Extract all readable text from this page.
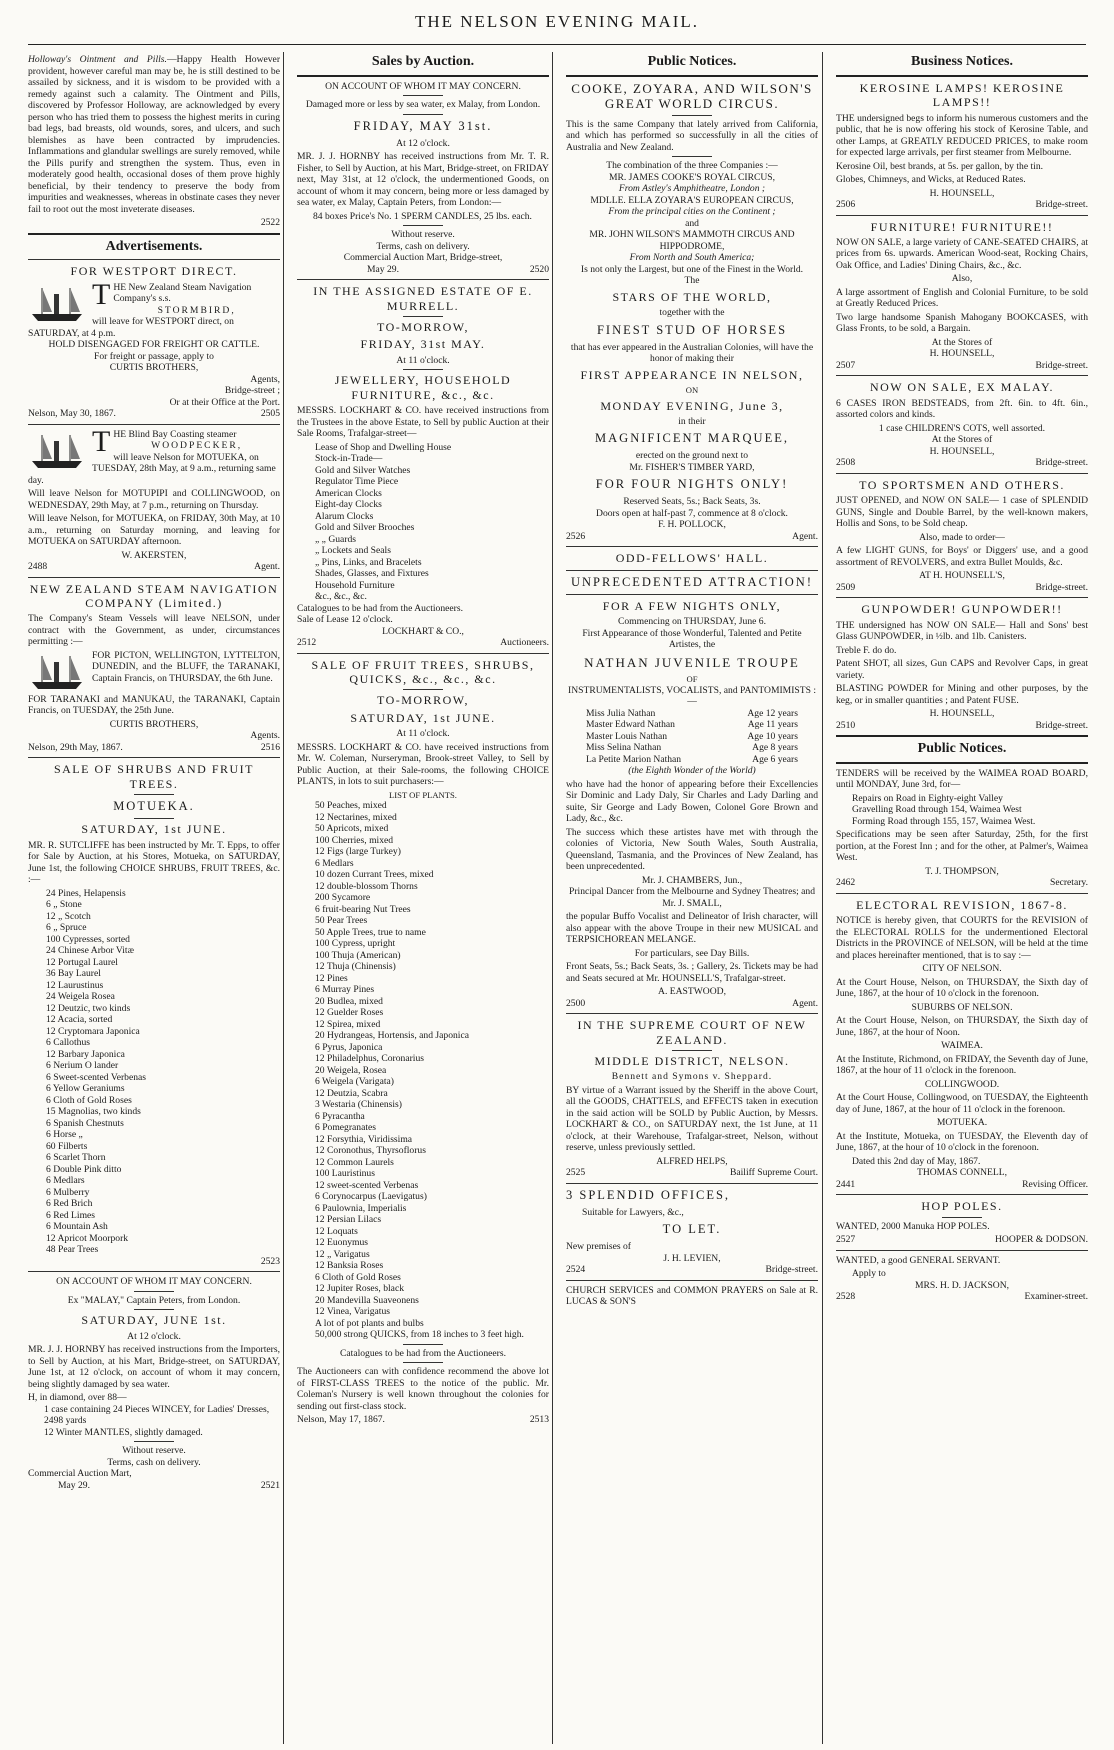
THE NELSON EVENING MAIL.

Holloway's Ointment and Pills.—Happy Health However provident, however careful man may be, he is still destined to be assailed by sickness, and it is wisdom to be provided with a remedy against such a calamity. The Ointment and Pills, discovered by Professor Holloway, are acknowledged by every person who has tried them to possess the highest merits in curing bad legs, bad breasts, old wounds, sores, and ulcers, and such blemishes as have been contracted by imprudencies. Inflammations and glandular swellings are surely removed, while the Pills purify and strengthen the system. Thus, even in moderately good health, occasional doses of them prove highly beneficial, by their tendency to preserve the body from impurities and weaknesses, whereas in obstinate cases they never fail to root out the most inveterate diseases.

2522
Advertisements.
FOR WESTPORT DIRECT.
T HE New Zealand Steam Navigation Company's s.s.
STORMBIRD,
will leave for WESTPORT direct, on SATURDAY, at 4 p.m.
HOLD DISENGAGED FOR FREIGHT OR CATTLE.
For freight or passage, apply to
CURTIS BROTHERS,
Agents,
Bridge-street ;
Or at their Office at the Port.
Nelson, May 30, 1867.	2505
T HE Blind Bay Coasting steamer
WOODPECKER,
will leave Nelson for MOTUEKA, on TUESDAY, 28th May, at 9 a.m., returning same day.

Will leave Nelson for MOTUPIPI and COLLINGWOOD, on WEDNESDAY, 29th May, at 7 p.m., returning on Thursday.

Will leave Nelson, for MOTUEKA, on FRIDAY, 30th May, at 10 a.m., returning on Saturday morning, and leaving for MOTUEKA on SATURDAY afternoon.

W. AKERSTEN,
2488	Agent.
NEW ZEALAND STEAM NAVIGATION COMPANY (Limited.)

The Company's Steam Vessels will leave NELSON, under contract with the Government, as under, circumstances permitting :—

FOR PICTON, WELLINGTON, LYTTELTON, DUNEDIN, and the BLUFF, the TARANAKI, Captain Francis, on THURSDAY, the 6th June.

FOR TARANAKI and MANUKAU, the TARANAKI, Captain Francis, on TUESDAY, the 25th June.

CURTIS BROTHERS,
Agents.
Nelson, 29th May, 1867.	2516
SALE OF SHRUBS AND FRUIT TREES.
MOTUEKA.
SATURDAY, 1st JUNE.

MR. R. SUTCLIFFE has been instructed by Mr. T. Epps, to offer for Sale by Auction, at his Stores, Motueka, on SATURDAY, June 1st, the following CHOICE SHRUBS, FRUIT TREES, &c. :—

24 Pines, Helapensis
6 „ Stone
12 „ Scotch
6 „ Spruce
100 Cypresses, sorted
24 Chinese Arbor Vitæ
12 Portugal Laurel
36 Bay Laurel
12 Laurustinus
24 Weigela Rosea
12 Deutzic, two kinds
12 Acacia, sorted
12 Cryptomara Japonica
6 Callothus
12 Barbary Japonica
6 Nerium O lander
6 Sweet-scented Verbenas
6 Yellow Geraniums
6 Cloth of Gold Roses
15 Magnolias, two kinds
6 Spanish Chestnuts
6 Horse „
60 Filberts
6 Scarlet Thorn
6 Double Pink ditto
6 Medlars
6 Mulberry
6 Red Brich
6 Red Limes
6 Mountain Ash
12 Apricot Moorpork
48 Pear Trees
2523
ON ACCOUNT OF WHOM IT MAY CONCERN.
Ex "MALAY," Captain Peters, from London.
SATURDAY, JUNE 1st.
At 12 o'clock.

MR. J. J. HORNBY has received instructions from the Importers, to Sell by Auction, at his Mart, Bridge-street, on SATURDAY, June 1st, at 12 o'clock, on account of whom it may concern, being slightly damaged by sea water.

H, in diamond, over 88—
1 case containing 24 Pieces WINCEY, for Ladies' Dresses, 2498 yards
12 Winter MANTLES, slightly damaged.
Without reserve.
Terms, cash on delivery.
Commercial Auction Mart,
May 29.	2521
Sales by Auction.
ON ACCOUNT OF WHOM IT MAY CONCERN.
Damaged more or less by sea water, ex Malay, from London.
FRIDAY, MAY 31st.
At 12 o'clock.

MR. J. J. HORNBY has received instructions from Mr. T. R. Fisher, to Sell by Auction, at his Mart, Bridge-street, on FRIDAY next, May 31st, at 12 o'clock, the undermentioned Goods, on account of whom it may concern, being more or less damaged by sea water, ex Malay, Captain Peters, from London:—

84 boxes Price's No. 1 SPERM CANDLES, 25 lbs. each.
Without reserve.
Terms, cash on delivery.
Commercial Auction Mart, Bridge-street,
May 29.	2520
IN THE ASSIGNED ESTATE OF E. MURRELL.
TO-MORROW,
FRIDAY, 31st MAY.
At 11 o'clock.
JEWELLERY, HOUSEHOLD FURNITURE, &c., &c.

MESSRS. LOCKHART & CO. have received instructions from the Trustees in the above Estate, to Sell by public Auction at their Sale Rooms, Trafalgar-street—

Lease of Shop and Dwelling House
Stock-in-Trade—
Gold and Silver Watches
Regulator Time Piece
American Clocks
Eight-day Clocks
Alarum Clocks
Gold and Silver Brooches
„ „ Guards
„ Lockets and Seals
„ Pins, Links, and Bracelets
Shades, Glasses, and Fixtures
Household Furniture
&c., &c., &c.
Catalogues to be had from the Auctioneers.
Sale of Lease 12 o'clock.
LOCKHART & CO.,
2512	Auctioneers.
SALE OF FRUIT TREES, SHRUBS, QUICKS, &c., &c., &c.
TO-MORROW,
SATURDAY, 1st JUNE.
At 11 o'clock.

MESSRS. LOCKHART & CO. have received instructions from Mr. W. Coleman, Nurseryman, Brook-street Valley, to Sell by Public Auction, at their Sale-rooms, the following CHOICE PLANTS, in lots to suit purchasers:—

LIST OF PLANTS.
50 Peaches, mixed
12 Nectarines, mixed
50 Apricots, mixed
100 Cherries, mixed
12 Figs (large Turkey)
6 Medlars
10 dozen Currant Trees, mixed
12 double-blossom Thorns
200 Sycamore
6 fruit-bearing Nut Trees
50 Pear Trees
50 Apple Trees, true to name
100 Cypress, upright
100 Thuja (American)
12 Thuja (Chinensis)
12 Pines
6 Murray Pines
20 Budlea, mixed
12 Guelder Roses
12 Spirea, mixed
20 Hydrangeas, Hortensis, and Japonica
6 Pyrus, Japonica
12 Philadelphus, Coronarius
20 Weigela, Rosea
6 Weigela (Varigata)
12 Deutzia, Scabra
3 Westaria (Chinensis)
6 Pyracantha
6 Pomegranates
12 Forsythia, Viridissima
12 Coronothus, Thyrsoflorus
12 Common Laurels
100 Lauristinus
12 sweet-scented Verbenas
6 Corynocarpus (Laevigatus)
6 Paulownia, Imperialis
12 Persian Lilacs
12 Loquats
12 Euonymus
12 „ Varigatus
12 Banksia Roses
6 Cloth of Gold Roses
12 Jupiter Roses, black
20 Mandevilla Suaveonens
12 Vinea, Varigatus
A lot of pot plants and bulbs
50,000 strong QUICKS, from 18 inches to 3 feet high.
Catalogues to be had from the Auctioneers.

The Auctioneers can with confidence recommend the above lot of FIRST-CLASS TREES to the notice of the public. Mr. Coleman's Nursery is well known throughout the colonies for sending out first-class stock.

Nelson, May 17, 1867.	2513
Public Notices.
COOKE, ZOYARA, AND WILSON'S GREAT WORLD CIRCUS.

This is the same Company that lately arrived from California, and which has performed so successfully in all the cities of Australia and New Zealand.

The combination of the three Companies :—
MR. JAMES COOKE'S ROYAL CIRCUS,
From Astley's Amphitheatre, London ;
MDLLE. ELLA ZOYARA'S EUROPEAN CIRCUS,
From the principal cities on the Continent ;
and
MR. JOHN WILSON'S MAMMOTH CIRCUS AND HIPPODROME,
From North and South America;
Is not only the Largest, but one of the Finest in the World.
The
STARS OF THE WORLD,
together with the
FINEST STUD OF HORSES
that has ever appeared in the Australian Colonies, will have the honor of making their
FIRST APPEARANCE IN NELSON,
ON
MONDAY EVENING, June 3,
in their
MAGNIFICENT MARQUEE,
erected on the ground next to
Mr. FISHER'S TIMBER YARD,
FOR FOUR NIGHTS ONLY!
Reserved Seats, 5s.; Back Seats, 3s.
Doors open at half-past 7, commence at 8 o'clock.
F. H. POLLOCK,
2526	Agent.
ODD-FELLOWS' HALL.
UNPRECEDENTED ATTRACTION!
FOR A FEW NIGHTS ONLY,
Commencing on THURSDAY, June 6.
First Appearance of those Wonderful, Talented and Petite Artistes, the
NATHAN JUVENILE TROUPE
OF
INSTRUMENTALISTS, VOCALISTS, and PANTOMIMISTS :—
Miss Julia Nathan	Age 12 years
Master Edward Nathan	Age 11 years
Master Louis Nathan	Age 10 years
Miss Selina Nathan	Age 8 years
La Petite Marion Nathan	Age 6 years
(the Eighth Wonder of the World)

who have had the honor of appearing before their Excellencies Sir Dominic and Lady Daly, Sir Charles and Lady Darling and suite, Sir George and Lady Bowen, Colonel Gore Brown and Lady, &c., &c.

The success which these artistes have met with through the colonies of Victoria, New South Wales, South Australia, Queensland, Tasmania, and the Provinces of New Zealand, has been unprecedented.

Mr. J. CHAMBERS, Jun.,
Principal Dancer from the Melbourne and Sydney Theatres; and
Mr. J. SMALL,

the popular Buffo Vocalist and Delineator of Irish character, will also appear with the above Troupe in their new MUSICAL and TERPSICHOREAN MELANGE.

For particulars, see Day Bills.

Front Seats, 5s.; Back Seats, 3s. ; Gallery, 2s. Tickets may be had and Seats secured at Mr. HOUNSELL'S, Trafalgar-street.

A. EASTWOOD,
2500	Agent.
IN THE SUPREME COURT OF NEW ZEALAND.
MIDDLE DISTRICT, NELSON.
Bennett and Symons v. Sheppard.

BY virtue of a Warrant issued by the Sheriff in the above Court, all the GOODS, CHATTELS, and EFFECTS taken in execution in the said action will be SOLD by Public Auction, by Messrs. LOCKHART & CO., on SATURDAY next, the 1st June, at 11 o'clock, at their Warehouse, Trafalgar-street, Nelson, without reserve, unless previously settled.

ALFRED HELPS,
2525	Bailiff Supreme Court.
3 SPLENDID OFFICES,
Suitable for Lawyers, &c.,
TO LET.
New premises of
J. H. LEVIEN,
2524	Bridge-street.

CHURCH SERVICES and COMMON PRAYERS on Sale at R. LUCAS & SON'S

Business Notices.
KEROSINE LAMPS! KEROSINE LAMPS!!

THE undersigned begs to inform his numerous customers and the public, that he is now offering his stock of Kerosine Table, and other Lamps, at GREATLY REDUCED PRICES, to make room for expected large arrivals, per first steamer from Melbourne.

Kerosine Oil, best brands, at 5s. per gallon, by the tin.

Globes, Chimneys, and Wicks, at Reduced Rates.

H. HOUNSELL,
2506	Bridge-street.
FURNITURE! FURNITURE!!

NOW ON SALE, a large variety of CANE-SEATED CHAIRS, at prices from 6s. upwards. American Wood-seat, Rocking Chairs, Oak Office, and Ladies' Dining Chairs, &c., &c.

Also,

A large assortment of English and Colonial Furniture, to be sold at Greatly Reduced Prices.

Two large handsome Spanish Mahogany BOOKCASES, with Glass Fronts, to be sold, a Bargain.

At the Stores of
H. HOUNSELL,
2507	Bridge-street.
NOW ON SALE, EX MALAY.

6 CASES IRON BEDSTEADS, from 2ft. 6in. to 4ft. 6in., assorted colors and kinds.

1 case CHILDREN'S COTS, well assorted.
At the Stores of
H. HOUNSELL,
2508	Bridge-street.
TO SPORTSMEN AND OTHERS.

JUST OPENED, and NOW ON SALE— 1 case of SPLENDID GUNS, Single and Double Barrel, by the well-known makers, Hollis and Sons, to be Sold cheap.

Also, made to order—

A few LIGHT GUNS, for Boys' or Diggers' use, and a good assortment of REVOLVERS, and extra Bullet Moulds, &c.

AT H. HOUNSELL'S,
2509	Bridge-street.
GUNPOWDER! GUNPOWDER!!

THE undersigned has NOW ON SALE— Hall and Sons' best Glass GUNPOWDER, in ½lb. and 1lb. Canisters.

Treble F. do do.

Patent SHOT, all sizes, Gun CAPS and Revolver Caps, in great variety.

BLASTING POWDER for Mining and other purposes, by the keg, or in smaller quantities ; and Patent FUSE.

H. HOUNSELL,
2510	Bridge-street.
Public Notices.

TENDERS will be received by the WAIMEA ROAD BOARD, until MONDAY, June 3rd, for—

Repairs on Road in Eighty-eight Valley
Gravelling Road through 154, Waimea West
Forming Road through 155, 157, Waimea West.

Specifications may be seen after Saturday, 25th, for the first portion, at the Forest Inn ; and for the other, at Palmer's, Waimea West.

T. J. THOMPSON,
2462	Secretary.
ELECTORAL REVISION, 1867-8.

NOTICE is hereby given, that COURTS for the REVISION of the ELECTORAL ROLLS for the undermentioned Electoral Districts in the PROVINCE of NELSON, will be held at the time and places hereinafter mentioned, that is to say :—

CITY OF NELSON.

At the Court House, Nelson, on THURSDAY, the Sixth day of June, 1867, at the hour of 10 o'clock in the forenoon.

SUBURBS OF NELSON.

At the Court House, Nelson, on THURSDAY, the Sixth day of June, 1867, at the hour of Noon.

WAIMEA.

At the Institute, Richmond, on FRIDAY, the Seventh day of June, 1867, at the hour of 11 o'clock in the forenoon.

COLLINGWOOD.

At the Court House, Collingwood, on TUESDAY, the Eighteenth day of June, 1867, at the hour of 11 o'clock in the forenoon.

MOTUEKA.

At the Institute, Motueka, on TUESDAY, the Eleventh day of June, 1867, at the hour of 10 o'clock in the forenoon.

Dated this 2nd day of May, 1867.
THOMAS CONNELL,
2441	Revising Officer.
HOP POLES.

WANTED, 2000 Manuka HOP POLES.

2527	HOOPER & DODSON.

WANTED, a good GENERAL SERVANT.

Apply to
MRS. H. D. JACKSON,
2528	Examiner-street.
